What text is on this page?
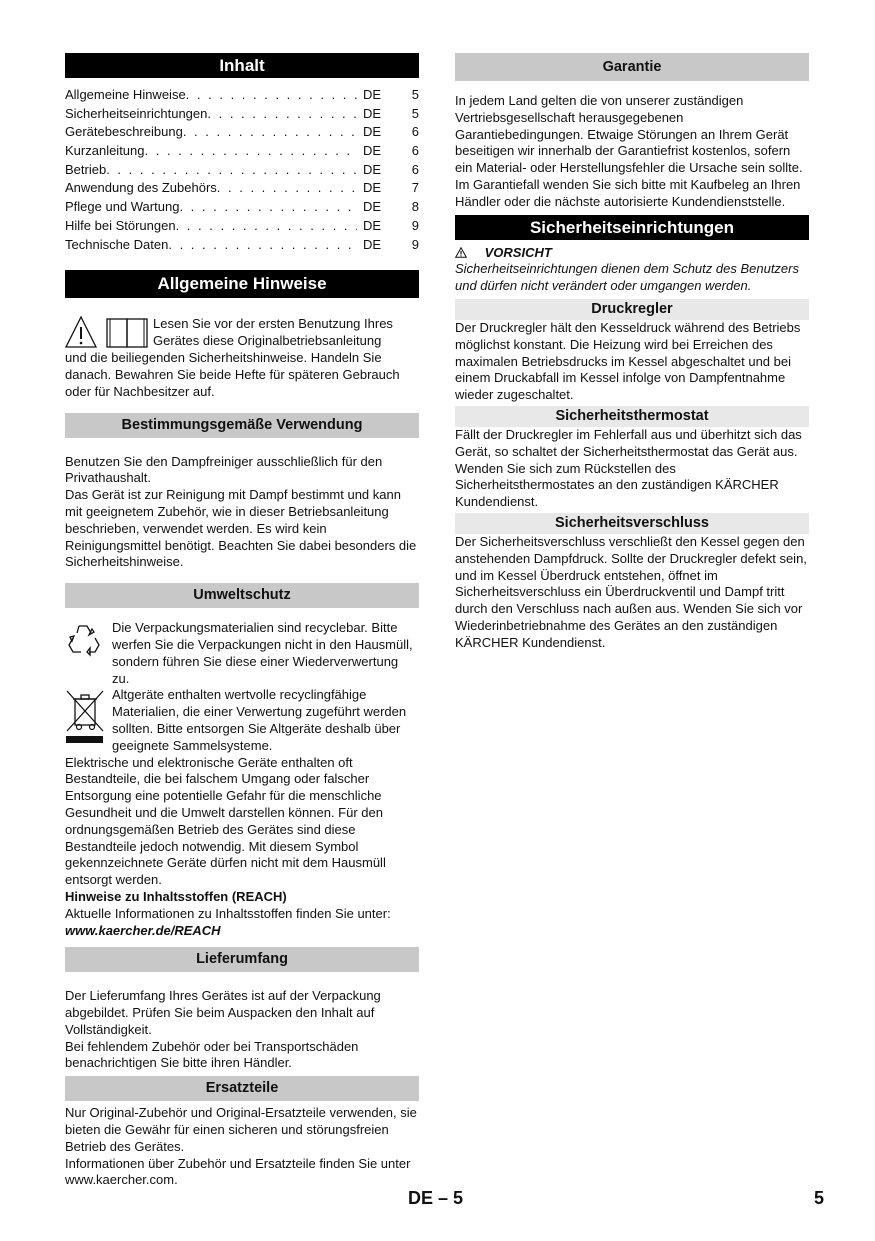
Inhalt
Allgemeine Hinweise . . .	DE	5
Sicherheitseinrichtungen . . .	DE	5
Gerätebeschreibung . . .	DE	6
Kurzanleitung . . .	DE	6
Betrieb . . .	DE	6
Anwendung des Zubehörs . . .	DE	7
Pflege und Wartung . . .	DE	8
Hilfe bei Störungen . . .	DE	9
Technische Daten . . .	DE	9
Allgemeine Hinweise

Lesen Sie vor der ersten Benutzung Ihres

Gerätes diese Originalbetriebsanleitung

und die beiliegenden Sicherheitshinweise. Handeln Sie danach. Bewahren Sie beide Hefte für späteren Gebrauch oder für Nachbesitzer auf.

Bestimmungsgemäße Verwendung

Benutzen Sie den Dampfreiniger ausschließlich für den Privathaushalt.

Das Gerät ist zur Reinigung mit Dampf bestimmt und kann mit geeignetem Zubehör, wie in dieser Betriebsanleitung beschrieben, verwendet werden. Es wird kein Reinigungsmittel benötigt. Beachten Sie dabei besonders die Sicherheitshinweise.

Umweltschutz

Die Verpackungsmaterialien sind recyclebar. Bitte werfen Sie die Verpackungen nicht in den Hausmüll, sondern führen Sie diese einer Wiederverwertung zu.

Altgeräte enthalten wertvolle recyclingfähige Materialien, die einer Verwertung zugeführt werden sollten. Bitte entsorgen Sie Altgeräte deshalb über geeignete Sammelsysteme.

Elektrische und elektronische Geräte enthalten oft Bestandteile, die bei falschem Umgang oder falscher Entsorgung eine potentielle Gefahr für die menschliche Gesundheit und die Umwelt darstellen können. Für den ordnungsgemäßen Betrieb des Gerätes sind diese Bestandteile jedoch notwendig. Mit diesem Symbol gekennzeichnete Geräte dürfen nicht mit dem Hausmüll entsorgt werden.

Hinweise zu Inhaltsstoffen (REACH)

Aktuelle Informationen zu Inhaltsstoffen finden Sie unter:

www.kaercher.de/REACH

Lieferumfang

Der Lieferumfang Ihres Gerätes ist auf der Verpackung abgebildet. Prüfen Sie beim Auspacken den Inhalt auf Vollständigkeit.

Bei fehlendem Zubehör oder bei Transportschäden benachrichtigen Sie bitte ihren Händler.

Ersatzteile

Nur Original-Zubehör und Original-Ersatzteile verwenden, sie bieten die Gewähr für einen sicheren und störungsfreien Betrieb des Gerätes.

Informationen über Zubehör und Ersatzteile finden Sie unter www.kaercher.com.

Garantie

In jedem Land gelten die von unserer zuständigen Vertriebsgesellschaft herausgegebenen Garantiebedingungen. Etwaige Störungen an Ihrem Gerät beseitigen wir innerhalb der Garantiefrist kostenlos, sofern ein Material- oder Herstellungsfehler die Ursache sein sollte. Im Garantiefall wenden Sie sich bitte mit Kaufbeleg an Ihren Händler oder die nächste autorisierte Kundendienststelle.

Sicherheitseinrichtungen

VORSICHT

Sicherheitseinrichtungen dienen dem Schutz des Benutzers und dürfen nicht verändert oder umgangen werden.

Druckregler

Der Druckregler hält den Kesseldruck während des Betriebs möglichst konstant. Die Heizung wird bei Erreichen des maximalen Betriebsdrucks im Kessel abgeschaltet und bei einem Druckabfall im Kessel infolge von Dampfentnahme wieder zugeschaltet.

Sicherheitsthermostat

Fällt der Druckregler im Fehlerfall aus und überhitzt sich das Gerät, so schaltet der Sicherheitsthermostat das Gerät aus. Wenden Sie sich zum Rückstellen des Sicherheitsthermostates an den zuständigen KÄRCHER Kundendienst.

Sicherheitsverschluss

Der Sicherheitsverschluss verschließt den Kessel gegen den anstehenden Dampfdruck. Sollte der Druckregler defekt sein, und im Kessel Überdruck entstehen, öffnet im Sicherheitsverschluss ein Überdruckventil und Dampf tritt durch den Verschluss nach außen aus. Wenden Sie sich vor Wiederinbetriebnahme des Gerätes an den zuständigen KÄRCHER Kundendienst.

DE – 5	5
